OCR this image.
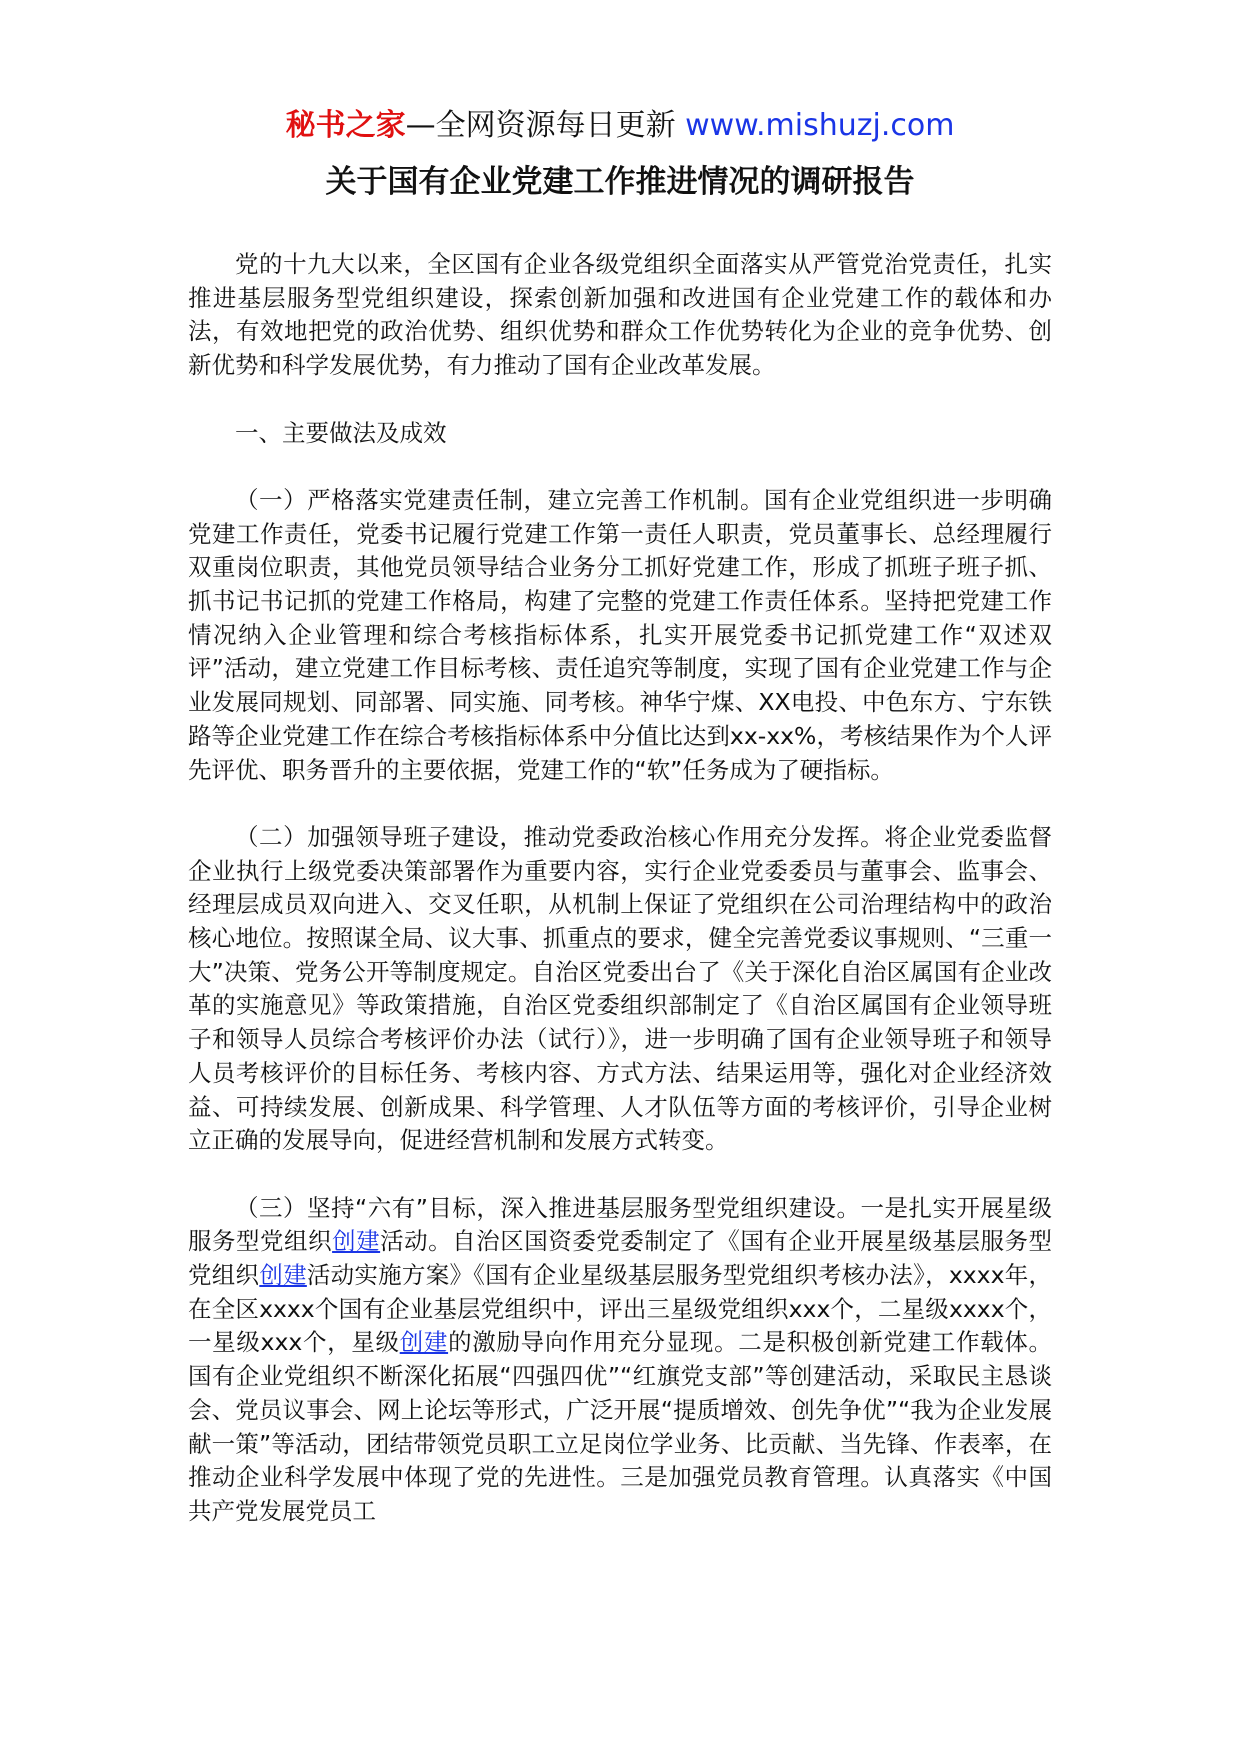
秘书之家—全网资源每日更新 www.mishuzj.com
关于国有企业党建工作推进情况的调研报告

党的十九大以来，全区国有企业各级党组织全面落实从严管党治党责任，扎实推进基层服务型党组织建设，探索创新加强和改进国有企业党建工作的载体和办法，有效地把党的政治优势、组织优势和群众工作优势转化为企业的竞争优势、创新优势和科学发展优势，有力推动了国有企业改革发展。

一、主要做法及成效

（一）严格落实党建责任制，建立完善工作机制。国有企业党组织进一步明确党建工作责任，党委书记履行党建工作第一责任人职责，党员董事长、总经理履行双重岗位职责，其他党员领导结合业务分工抓好党建工作，形成了抓班子班子抓、抓书记书记抓的党建工作格局，构建了完整的党建工作责任体系。坚持把党建工作情况纳入企业管理和综合考核指标体系，扎实开展党委书记抓党建工作“双述双评”活动，建立党建工作目标考核、责任追究等制度，实现了国有企业党建工作与企业发展同规划、同部署、同实施、同考核。神华宁煤、XX电投、中色东方、宁东铁路等企业党建工作在综合考核指标体系中分值比达到xx-xx%，考核结果作为个人评先评优、职务晋升的主要依据，党建工作的“软”任务成为了硬指标。

（二）加强领导班子建设，推动党委政治核心作用充分发挥。将企业党委监督企业执行上级党委决策部署作为重要内容，实行企业党委委员与董事会、监事会、经理层成员双向进入、交叉任职，从机制上保证了党组织在公司治理结构中的政治核心地位。按照谋全局、议大事、抓重点的要求，健全完善党委议事规则、“三重一大”决策、党务公开等制度规定。自治区党委出台了《关于深化自治区属国有企业改革的实施意见》等政策措施，自治区党委组织部制定了《自治区属国有企业领导班子和领导人员综合考核评价办法（试行）》，进一步明确了国有企业领导班子和领导人员考核评价的目标任务、考核内容、方式方法、结果运用等，强化对企业经济效益、可持续发展、创新成果、科学管理、人才队伍等方面的考核评价，引导企业树立正确的发展导向，促进经营机制和发展方式转变。

（三）坚持“六有”目标，深入推进基层服务型党组织建设。一是扎实开展星级服务型党组织创建活动。自治区国资委党委制定了《国有企业开展星级基层服务型党组织创建活动实施方案》《国有企业星级基层服务型党组织考核办法》，xxxx年，在全区xxxx个国有企业基层党组织中，评出三星级党组织xxx个，二星级xxxx个，一星级xxx个，星级创建的激励导向作用充分显现。二是积极创新党建工作载体。国有企业党组织不断深化拓展“四强四优”“红旗党支部”等创建活动，采取民主恳谈会、党员议事会、网上论坛等形式，广泛开展“提质增效、创先争优”“我为企业发展献一策”等活动，团结带领党员职工立足岗位学业务、比贡献、当先锋、作表率，在推动企业科学发展中体现了党的先进性。三是加强党员教育管理。认真落实《中国共产党发展党员工
